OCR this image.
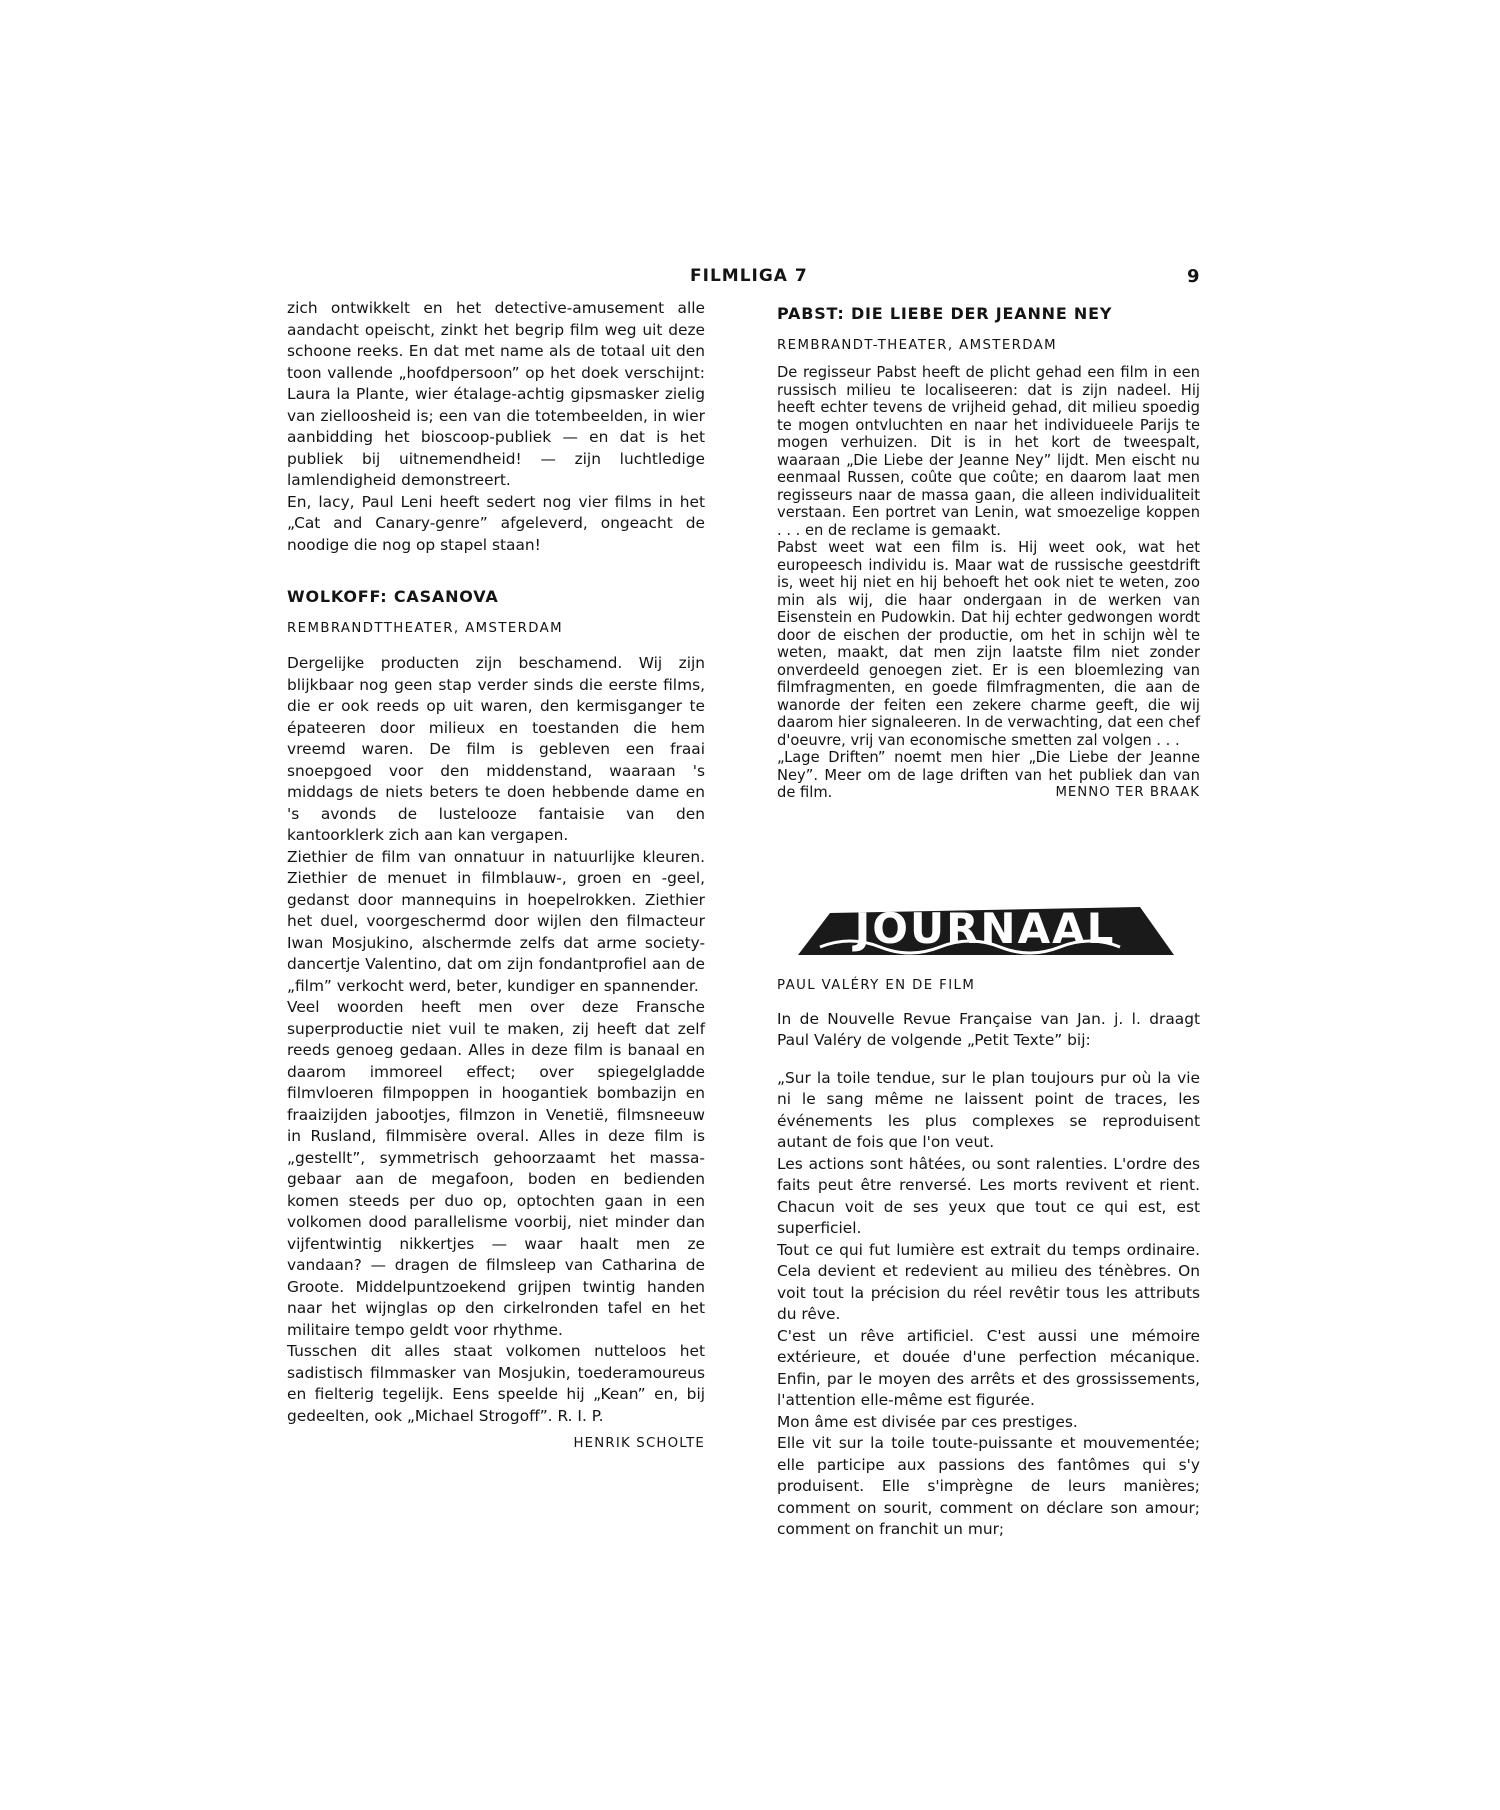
FILMLIGA 7	9

zich ontwikkelt en het detective-amusement alle aandacht opeischt, zinkt het begrip film weg uit deze schoone reeks. En dat met name als de totaal uit den toon vallende „hoofdpersoon” op het doek verschijnt: Laura la Plante, wier étalage-achtig gipsmasker zielig van zielloosheid is; een van die totembeelden, in wier aanbidding het bioscoop-publiek — en dat is het publiek bij uitnemendheid! — zijn luchtledige lamlendigheid demonstreert.

En, lacy, Paul Leni heeft sedert nog vier films in het „Cat and Canary-genre” afgeleverd, ongeacht de noodige die nog op stapel staan!

WOLKOFF: CASANOVA
REMBRANDTTHEATER, AMSTERDAM

Dergelijke producten zijn beschamend. Wij zijn blijkbaar nog geen stap verder sinds die eerste films, die er ook reeds op uit waren, den kermisganger te épateeren door milieux en toestanden die hem vreemd waren. De film is gebleven een fraai snoepgoed voor den middenstand, waaraan 's middags de niets beters te doen hebbende dame en 's avonds de lustelooze fantaisie van den kantoorklerk zich aan kan vergapen.

Ziethier de film van onnatuur in natuurlijke kleuren. Ziethier de menuet in filmblauw-, groen en -geel, gedanst door mannequins in hoepelrokken. Ziethier het duel, voorgeschermd door wijlen den filmacteur Iwan Mosjukino, alschermde zelfs dat arme society-dancertje Valentino, dat om zijn fondantprofiel aan de „film” verkocht werd, beter, kundiger en spannender.

Veel woorden heeft men over deze Fransche superproductie niet vuil te maken, zij heeft dat zelf reeds genoeg gedaan. Alles in deze film is banaal en daarom immoreel effect; over spiegelgladde filmvloeren filmpoppen in hoogantiek bombazijn en fraaizijden jabootjes, filmzon in Venetië, filmsneeuw in Rusland, filmmisère overal. Alles in deze film is „gestellt”, symmetrisch gehoorzaamt het massa-gebaar aan de megafoon, boden en bedienden komen steeds per duo op, optochten gaan in een volkomen dood parallelisme voorbij, niet minder dan vijfentwintig nikkertjes — waar haalt men ze vandaan? — dragen de filmsleep van Catharina de Groote. Middelpuntzoekend grijpen twintig handen naar het wijnglas op den cirkelronden tafel en het militaire tempo geldt voor rhythme.

Tusschen dit alles staat volkomen nutteloos het sadistisch filmmasker van Mosjukin, toederamoureus en fielterig tegelijk. Eens speelde hij „Kean” en, bij gedeelten, ook „Michael Strogoff”. R. I. P.

HENRIK SCHOLTE
PABST: DIE LIEBE DER JEANNE NEY
REMBRANDT-THEATER, AMSTERDAM

De regisseur Pabst heeft de plicht gehad een film in een russisch milieu te localiseeren: dat is zijn nadeel. Hij heeft echter tevens de vrijheid gehad, dit milieu spoedig te mogen ontvluchten en naar het individueele Parijs te mogen verhuizen. Dit is in het kort de tweespalt, waaraan „Die Liebe der Jeanne Ney” lijdt. Men eischt nu eenmaal Russen, coûte que coûte; en daarom laat men regisseurs naar de massa gaan, die alleen individualiteit verstaan. Een portret van Lenin, wat smoezelige koppen . . . en de reclame is gemaakt.

Pabst weet wat een film is. Hij weet ook, wat het europeesch individu is. Maar wat de russische geestdrift is, weet hij niet en hij behoeft het ook niet te weten, zoo min als wij, die haar ondergaan in de werken van Eisenstein en Pudowkin. Dat hij echter gedwongen wordt door de eischen der productie, om het in schijn wèl te weten, maakt, dat men zijn laatste film niet zonder onverdeeld genoegen ziet. Er is een bloemlezing van filmfragmenten, en goede filmfragmenten, die aan de wanorde der feiten een zekere charme geeft, die wij daarom hier signaleeren. In de verwachting, dat een chef d'oeuvre, vrij van economische smetten zal volgen . . .

„Lage Driften” noemt men hier „Die Liebe der Jeanne Ney”. Meer om de lage driften van het publiek dan van de film.	MENNO TER BRAAK

JOURNAAL
PAUL VALÉRY EN DE FILM

In de Nouvelle Revue Française van Jan. j. l. draagt Paul Valéry de volgende „Petit Texte” bij:

„Sur la toile tendue, sur le plan toujours pur où la vie ni le sang même ne laissent point de traces, les événements les plus complexes se reproduisent autant de fois que l'on veut.

Les actions sont hâtées, ou sont ralenties. L'ordre des faits peut être renversé. Les morts revivent et rient. Chacun voit de ses yeux que tout ce qui est, est superficiel.

Tout ce qui fut lumière est extrait du temps ordinaire. Cela devient et redevient au milieu des ténèbres. On voit tout la précision du réel revêtir tous les attributs du rêve.

C'est un rêve artificiel. C'est aussi une mémoire extérieure, et douée d'une perfection mécanique. Enfin, par le moyen des arrêts et des grossissements, l'attention elle-même est figurée.

Mon âme est divisée par ces prestiges.

Elle vit sur la toile toute-puissante et mouvementée; elle participe aux passions des fantômes qui s'y produisent. Elle s'imprègne de leurs manières; comment on sourit, comment on déclare son amour; comment on franchit un mur;
